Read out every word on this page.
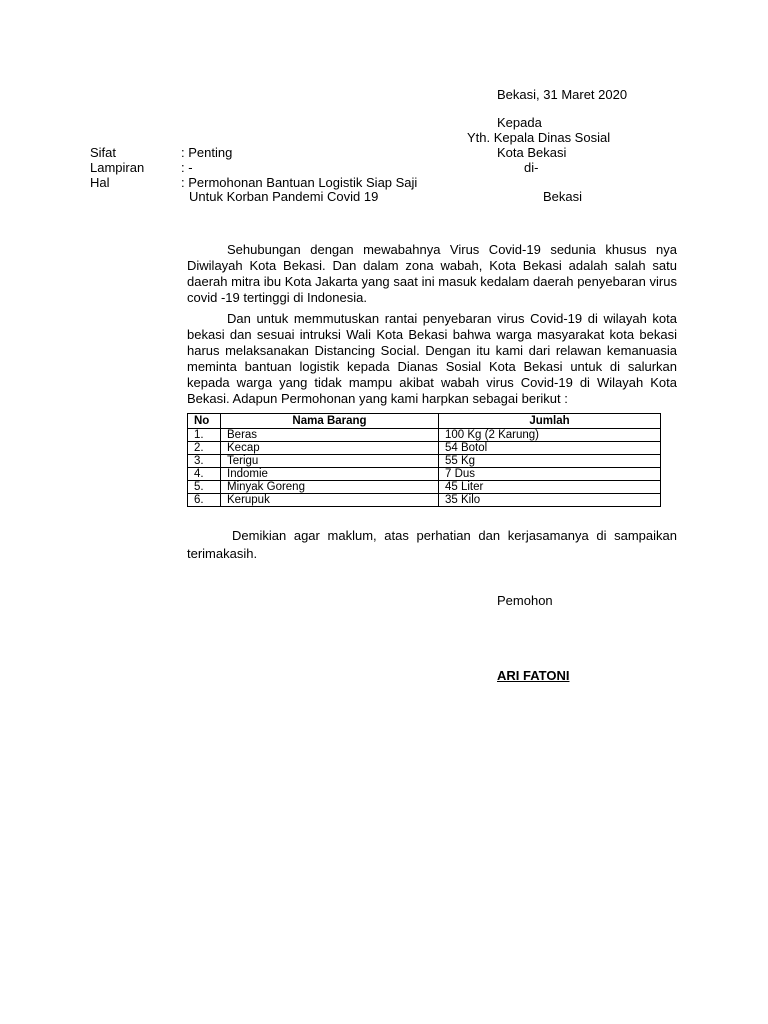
Bekasi, 31 Maret 2020
Kepada
Yth. Kepala Dinas Sosial
Kota Bekasi
di-
Bekasi
Sifat	: Penting
Lampiran	: -
Hal	: Permohonan Bantuan Logistik Siap Saji
Untuk Korban Pandemi Covid 19
Sehubungan dengan mewabahnya Virus Covid-19 sedunia khusus nya Diwilayah Kota Bekasi. Dan dalam zona wabah, Kota Bekasi adalah salah satu daerah mitra ibu Kota Jakarta yang saat ini masuk kedalam daerah penyebaran virus covid -19 tertinggi di Indonesia.
Dan untuk memmutuskan rantai penyebaran virus Covid-19 di wilayah kota bekasi dan sesuai intruksi Wali Kota Bekasi bahwa warga masyarakat kota bekasi harus melaksanakan Distancing Social. Dengan itu kami dari relawan kemanuasia meminta bantuan logistik kepada Dianas Sosial Kota Bekasi untuk di salurkan kepada warga yang tidak mampu akibat wabah virus Covid-19 di Wilayah Kota Bekasi. Adapun Permohonan yang kami harpkan sebagai berikut :
No	Nama Barang	Jumlah
1.	Beras	100 Kg (2 Karung)
2.	Kecap	54 Botol
3.	Terigu	55 Kg
4.	Indomie	7 Dus
5.	Minyak Goreng	45 Liter
6.	Kerupuk	35 Kilo
Demikian agar maklum, atas perhatian dan kerjasamanya di sampaikan terimakasih.
Pemohon
ARI FATONI
